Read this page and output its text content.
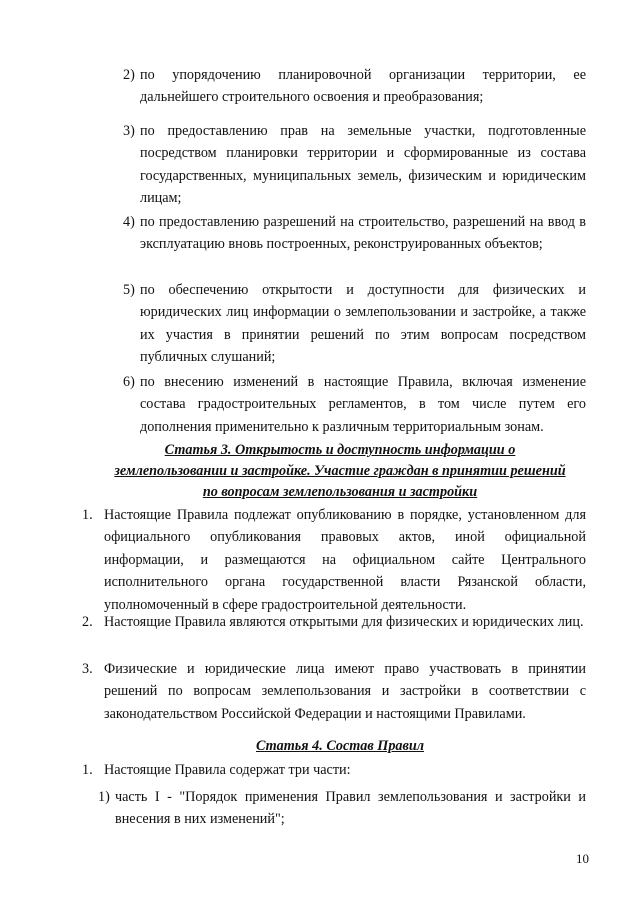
2) по упорядочению планировочной организации территории, ее дальнейшего строительного освоения и преобразования;
3) по предоставлению прав на земельные участки, подготовленные посредством планировки территории и сформированные из состава государственных, муниципальных земель, физическим и юридическим лицам;
4) по предоставлению разрешений на строительство, разрешений на ввод в эксплуатацию вновь построенных, реконструированных объектов;
5) по обеспечению открытости и доступности для физических и юридических лиц информации о землепользовании и застройке, а также их участия в принятии решений по этим вопросам посредством публичных слушаний;
6) по внесению изменений в настоящие Правила, включая изменение состава градостроительных регламентов, в том числе путем его дополнения применительно к различным территориальным зонам.
Статья 3. Открытость и доступность информации о
землепользовании и застройке. Участие граждан в принятии решений
по вопросам землепользования и застройки
1. Настоящие Правила подлежат опубликованию в порядке, установленном для официального опубликования правовых актов, иной официальной информации, и размещаются на официальном сайте Центрального исполнительного органа государственной власти Рязанской области, уполномоченный в сфере градостроительной деятельности.
2. Настоящие Правила являются открытыми для физических и юридических лиц.
3. Физические и юридические лица имеют право участвовать в принятии решений по вопросам землепользования и застройки в соответствии с законодательством Российской Федерации и настоящими Правилами.
Статья 4. Состав Правил
1. Настоящие Правила содержат три части:
1) часть I - "Порядок применения Правил землепользования и застройки и внесения в них изменений";
10
